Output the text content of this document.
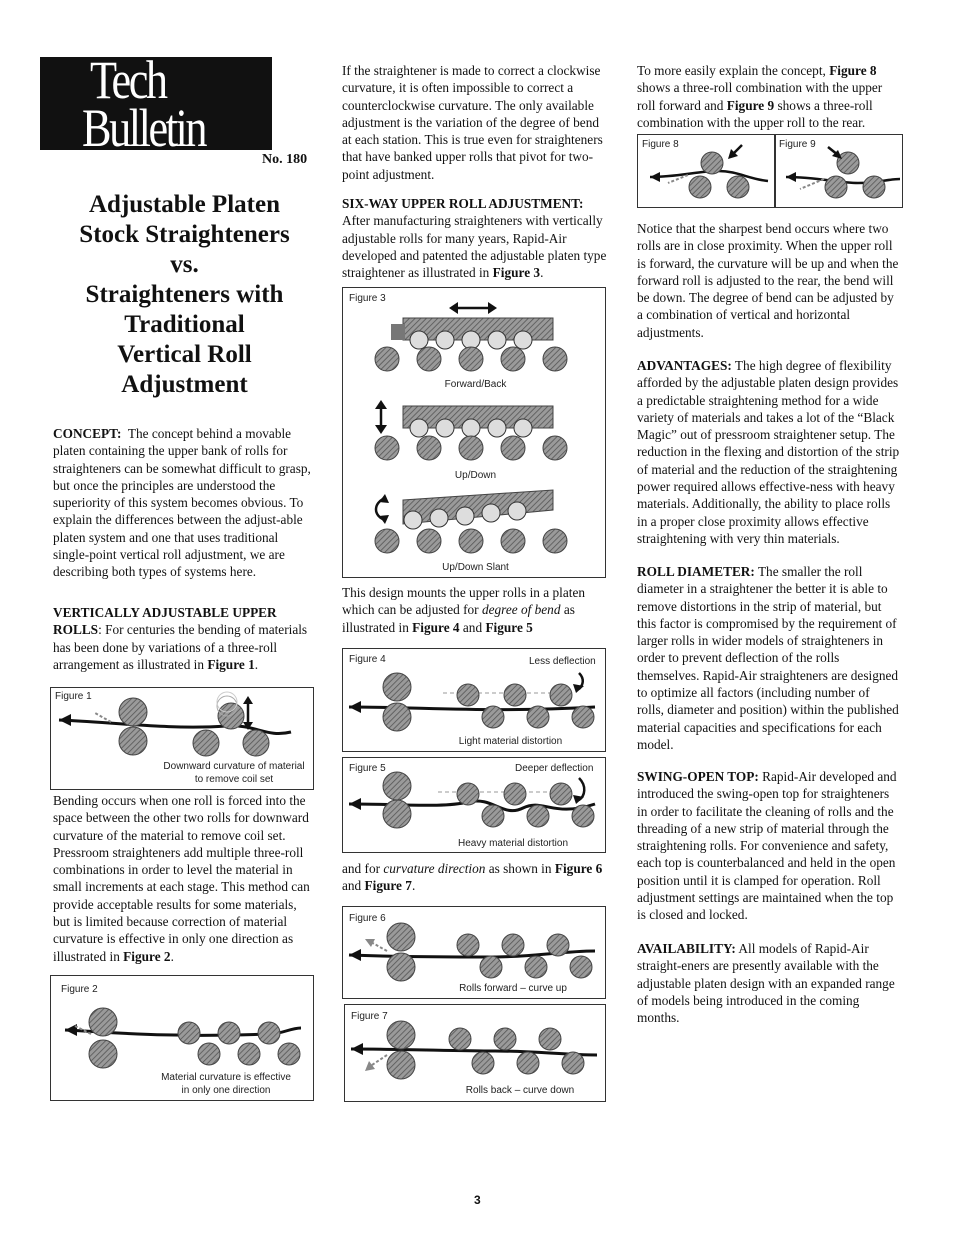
Tech
Bulletin
No. 180
Adjustable Platen
Stock Straighteners
vs.
Straighteners with
Traditional
Vertical Roll
Adjustment

CONCEPT: The concept behind a movable platen containing the upper bank of rolls for straighteners can be somewhat difficult to grasp, but once the principles are understood the superiority of this system becomes obvious. To explain the differences between the adjust-able platen system and one that uses traditional single-point vertical roll adjustment, we are describing both types of systems here.

VERTICALLY ADJUSTABLE UPPER ROLLS: For centuries the bending of materials has been done by variations of a three-roll arrangement as illustrated in Figure 1.

Figure 1
Downward curvature of material
to remove coil set

Bending occurs when one roll is forced into the space between the other two rolls for downward curvature of the material to remove coil set. Pressroom straighteners add multiple three-roll combinations in order to level the material in small increments at each stage. This method can provide acceptable results for some materials, but is limited because correction of material curvature is effective in only one direction as illustrated in Figure 2.

Figure 2
Material curvature is effective
in only one direction

If the straightener is made to correct a clockwise curvature, it is often impossible to correct a counterclockwise curvature. The only available adjustment is the variation of the degree of bend at each station. This is true even for straighteners that have banked upper rolls that pivot for two-point adjustment.

SIX-WAY UPPER ROLL ADJUSTMENT: After manufacturing straighteners with vertically adjustable rolls for many years, Rapid-Air developed and patented the adjustable platen type straightener as illustrated in Figure 3.

Figure 3
Forward/Back
Up/Down
Up/Down Slant

This design mounts the upper rolls in a platen which can be adjusted for degree of bend as illustrated in Figure 4 and Figure 5

Figure 4	Less deflection
Light material distortion
Figure 5	Deeper deflection
Heavy material distortion

and for curvature direction as shown in Figure 6 and Figure 7.

Figure 6
Rolls forward – curve up
Figure 7
Rolls back – curve down

To more easily explain the concept, Figure 8 shows a three-roll combination with the upper roll forward and Figure 9 shows a three-roll combination with the upper roll to the rear.

Figure 8	Figure 9

Notice that the sharpest bend occurs where two rolls are in close proximity. When the upper roll is forward, the curvature will be up and when the forward roll is adjusted to the rear, the bend will be down. The degree of bend can be adjusted by a combination of vertical and horizontal adjustments.

ADVANTAGES: The high degree of flexibility afforded by the adjustable platen design provides a predictable straightening method for a wide variety of materials and takes a lot of the “Black Magic” out of pressroom straightener setup. The reduction in the flexing and distortion of the strip of material and the reduction of the straightening power required allows effective-ness with heavy materials. Additionally, the ability to place rolls in a proper close proximity allows effective straightening with very thin materials.

ROLL DIAMETER: The smaller the roll diameter in a straightener the better it is able to remove distortions in the strip of material, but this factor is compromised by the requirement of larger rolls in wider models of straighteners in order to prevent deflection of the rolls themselves. Rapid-Air straighteners are designed to optimize all factors (including number of rolls, diameter and position) within the published material capacities and specifications for each model.

SWING-OPEN TOP: Rapid-Air developed and introduced the swing-open top for straighteners in order to facilitate the cleaning of rolls and the threading of a new strip of material through the straightening rolls. For convenience and safety, each top is counterbalanced and held in the open position until it is clamped for operation. Roll adjustment settings are maintained when the top is closed and locked.

AVAILABILITY: All models of Rapid-Air straight-eners are presently available with the adjustable platen design with an expanded range of models being introduced in the coming months.

3
